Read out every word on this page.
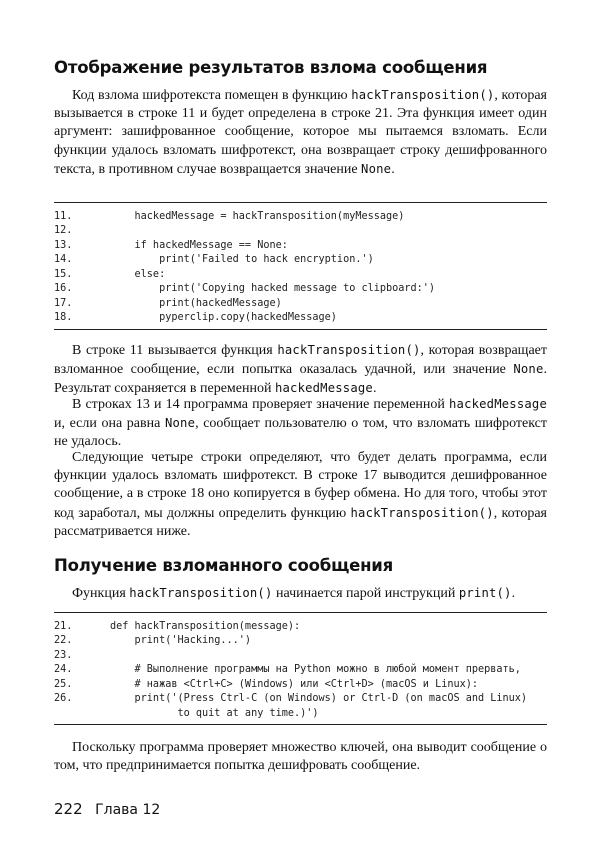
Отображение результатов взлома сообщения

Код взлома шифротекста помещен в функцию hackTransposition(), которая вызывается в строке 11 и будет определена в строке 21. Эта функция имеет один аргумент: зашифрованное сообщение, которое мы пытаемся взломать. Если функции удалось взломать шифротекст, она возвращает строку дешифрованного текста, в противном случае возвращается значение None.

11.	hackedMessage = hackTransposition(myMessage)
12.
13.	if hackedMessage == None:
14.	print('Failed to hack encryption.')
15.	else:
16.	print('Copying hacked message to clipboard:')
17.	print(hackedMessage)
18.	pyperclip.copy(hackedMessage)

В строке 11 вызывается функция hackTransposition(), которая возвращает взломанное сообщение, если попытка оказалась удачной, или значение None. Результат сохраняется в переменной hackedMessage.

В строках 13 и 14 программа проверяет значение переменной hackedMessage и, если она равна None, сообщает пользователю о том, что взломать шифротекст не удалось.

Следующие четыре строки определяют, что будет делать программа, если функции удалось взломать шифротекст. В строке 17 выводится дешифрованное сообщение, а в строке 18 оно копируется в буфер обмена. Но для того, чтобы этот код заработал, мы должны определить функцию hackTransposition(), которая рассматривается ниже.

Получение взломанного сообщения

Функция hackTransposition() начинается парой инструкций print().

21.	def hackTransposition(message):
22.	print('Hacking...')
23.
24.	# Выполнение программы на Python можно в любой момент прервать,
25.	# нажав <Ctrl+C> (Windows) или <Ctrl+D> (macOS и Linux):
26.	print('(Press Ctrl-C (on Windows) or Ctrl-D (on macOS and Linux)
to quit at any time.)')

Поскольку программа проверяет множество ключей, она выводит сообщение о том, что предпринимается попытка дешифровать сообщение.

222 Глава 12
